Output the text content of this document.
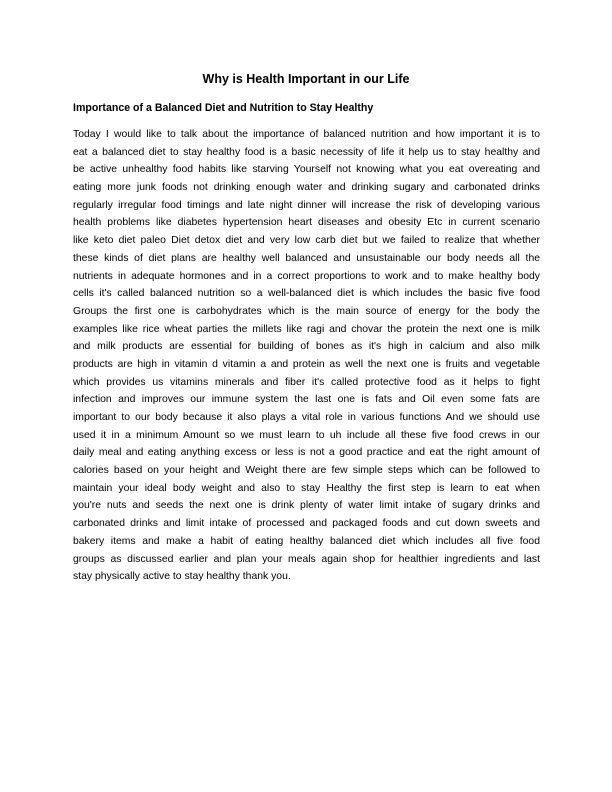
Why is Health Important in our Life
Importance of a Balanced Diet and Nutrition to Stay Healthy
Today I would like to talk about the importance of balanced nutrition and how important it is to
eat a balanced diet to stay healthy food is a basic necessity of life it help us to stay healthy and
be active unhealthy food habits like starving Yourself not knowing what you eat overeating and
eating more junk foods not drinking enough water and drinking sugary and carbonated drinks
regularly irregular food timings and late night dinner will increase the risk of developing various
health problems like diabetes hypertension heart diseases and obesity Etc in current scenario
like keto diet paleo Diet detox diet and very low carb diet but we failed to realize that whether
these kinds of diet plans are healthy well balanced and unsustainable our body needs all the
nutrients in adequate hormones and in a correct proportions to work and to make healthy body
cells it's called balanced nutrition so a well-balanced diet is which includes the basic five food
Groups the first one is carbohydrates which is the main source of energy for the body the
examples like rice wheat parties the millets like ragi and chovar the protein the next one is milk
and milk products are essential for building of bones as it's high in calcium and also milk
products are high in vitamin d vitamin a and protein as well the next one is fruits and vegetable
which provides us vitamins minerals and fiber it's called protective food as it helps to fight
infection and improves our immune system the last one is fats and Oil even some fats are
important to our body because it also plays a vital role in various functions And we should use
used it in a minimum Amount so we must learn to uh include all these five food crews in our
daily meal and eating anything excess or less is not a good practice and eat the right amount of
calories based on your height and Weight there are few simple steps which can be followed to
maintain your ideal body weight and also to stay Healthy the first step is learn to eat when
you're nuts and seeds the next one is drink plenty of water limit intake of sugary drinks and
carbonated drinks and limit intake of processed and packaged foods and cut down sweets and
bakery items and make a habit of eating healthy balanced diet which includes all five food
groups as discussed earlier and plan your meals again shop for healthier ingredients and last
stay physically active to stay healthy thank you.
